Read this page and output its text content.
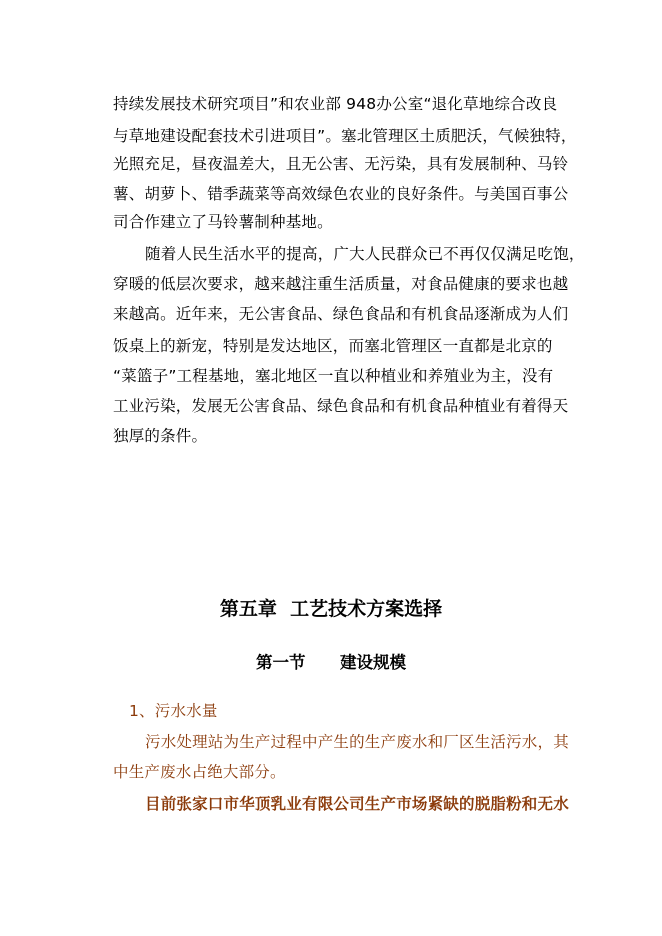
持续发展技术研究项目”和农业部 948办公室“退化草地综合改良
与草地建设配套技术引进项目”。塞北管理区土质肥沃，气候独特，
光照充足，昼夜温差大，且无公害、无污染，具有发展制种、马铃
薯、胡萝卜、错季蔬菜等高效绿色农业的良好条件。与美国百事公
司合作建立了马铃薯制种基地。
随着人民生活水平的提高，广大人民群众已不再仅仅满足吃饱，
穿暖的低层次要求，越来越注重生活质量，对食品健康的要求也越
来越高。近年来，无公害食品、绿色食品和有机食品逐渐成为人们
饭桌上的新宠，特别是发达地区，而塞北管理区一直都是北京的
“菜篮子”工程基地，塞北地区一直以种植业和养殖业为主，没有
工业污染，发展无公害食品、绿色食品和有机食品种植业有着得天
独厚的条件。
第五章  工艺技术方案选择
第一节      建设规模
1、污水水量
污水处理站为生产过程中产生的生产废水和厂区生活污水，其
中生产废水占绝大部分。
目前张家口市华顶乳业有限公司生产市场紧缺的脱脂粉和无水
